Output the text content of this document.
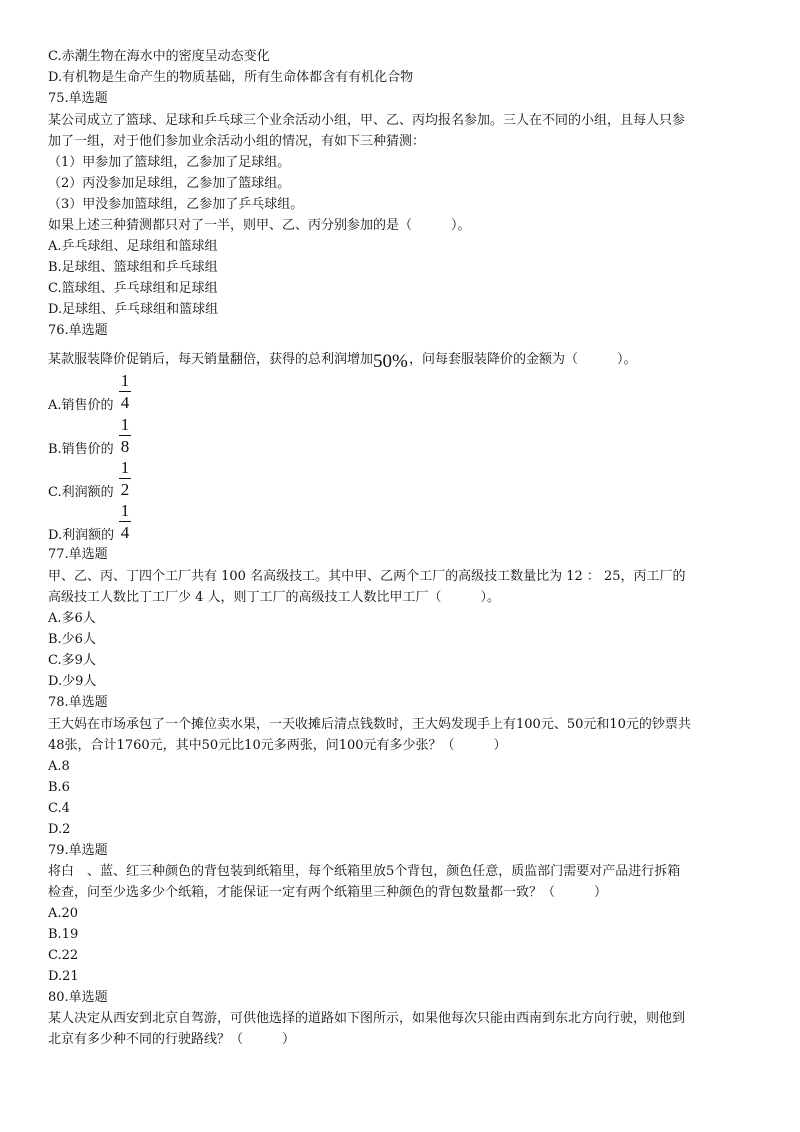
C.赤潮生物在海水中的密度呈动态变化
D.有机物是生命产生的物质基础，所有生命体都含有有机化合物
75.单选题
某公司成立了篮球、足球和乒乓球三个业余活动小组，甲、乙、丙均报名参加。三人在不同的小组，且每人只参
加了一组，对于他们参加业余活动小组的情况，有如下三种猜测：
（1）甲参加了篮球组，乙参加了足球组。
（2）丙没参加足球组，乙参加了篮球组。
（3）甲没参加篮球组，乙参加了乒乓球组。
如果上述三种猜测都只对了一半，则甲、乙、丙分别参加的是（　　　）。
A.乒乓球组、足球组和篮球组
B.足球组、篮球组和乒乓球组
C.篮球组、乒乓球组和足球组
D.足球组、乒乓球组和篮球组
76.单选题
某款服装降价促销后，每天销量翻倍，获得的总利润增加 50% ，问每套服装降价的金额为（　　　）。
A.销售价的
1
4
B.销售价的
1
8
C.利润额的
1
2
D.利润额的
1
4
77.单选题
甲、乙、丙、丁四个工厂共有 100 名高级技工。其中甲、乙两个工厂的高级技工数量比为 12 ： 25，丙工厂的
高级技工人数比丁工厂少 4 人，则丁工厂的高级技工人数比甲工厂（　　　）。
A.多6人
B.少6人
C.多9人
D.少9人
78.单选题
王大妈在市场承包了一个摊位卖水果，一天收摊后清点钱数时，王大妈发现手上有100元、50元和10元的钞票共
48张，合计1760元，其中50元比10元多两张，问100元有多少张？（　　　）
A.8
B.6
C.4
D.2
79.单选题
将白　、蓝、红三种颜色的背包装到纸箱里，每个纸箱里放5个背包，颜色任意，质监部门需要对产品进行拆箱
检查，问至少选多少个纸箱，才能保证一定有两个纸箱里三种颜色的背包数量都一致？（　　　）
A.20
B.19
C.22
D.21
80.单选题
某人决定从西安到北京自驾游，可供他选择的道路如下图所示，如果他每次只能由西南到东北方向行驶，则他到
北京有多少种不同的行驶路线？（　　　）
